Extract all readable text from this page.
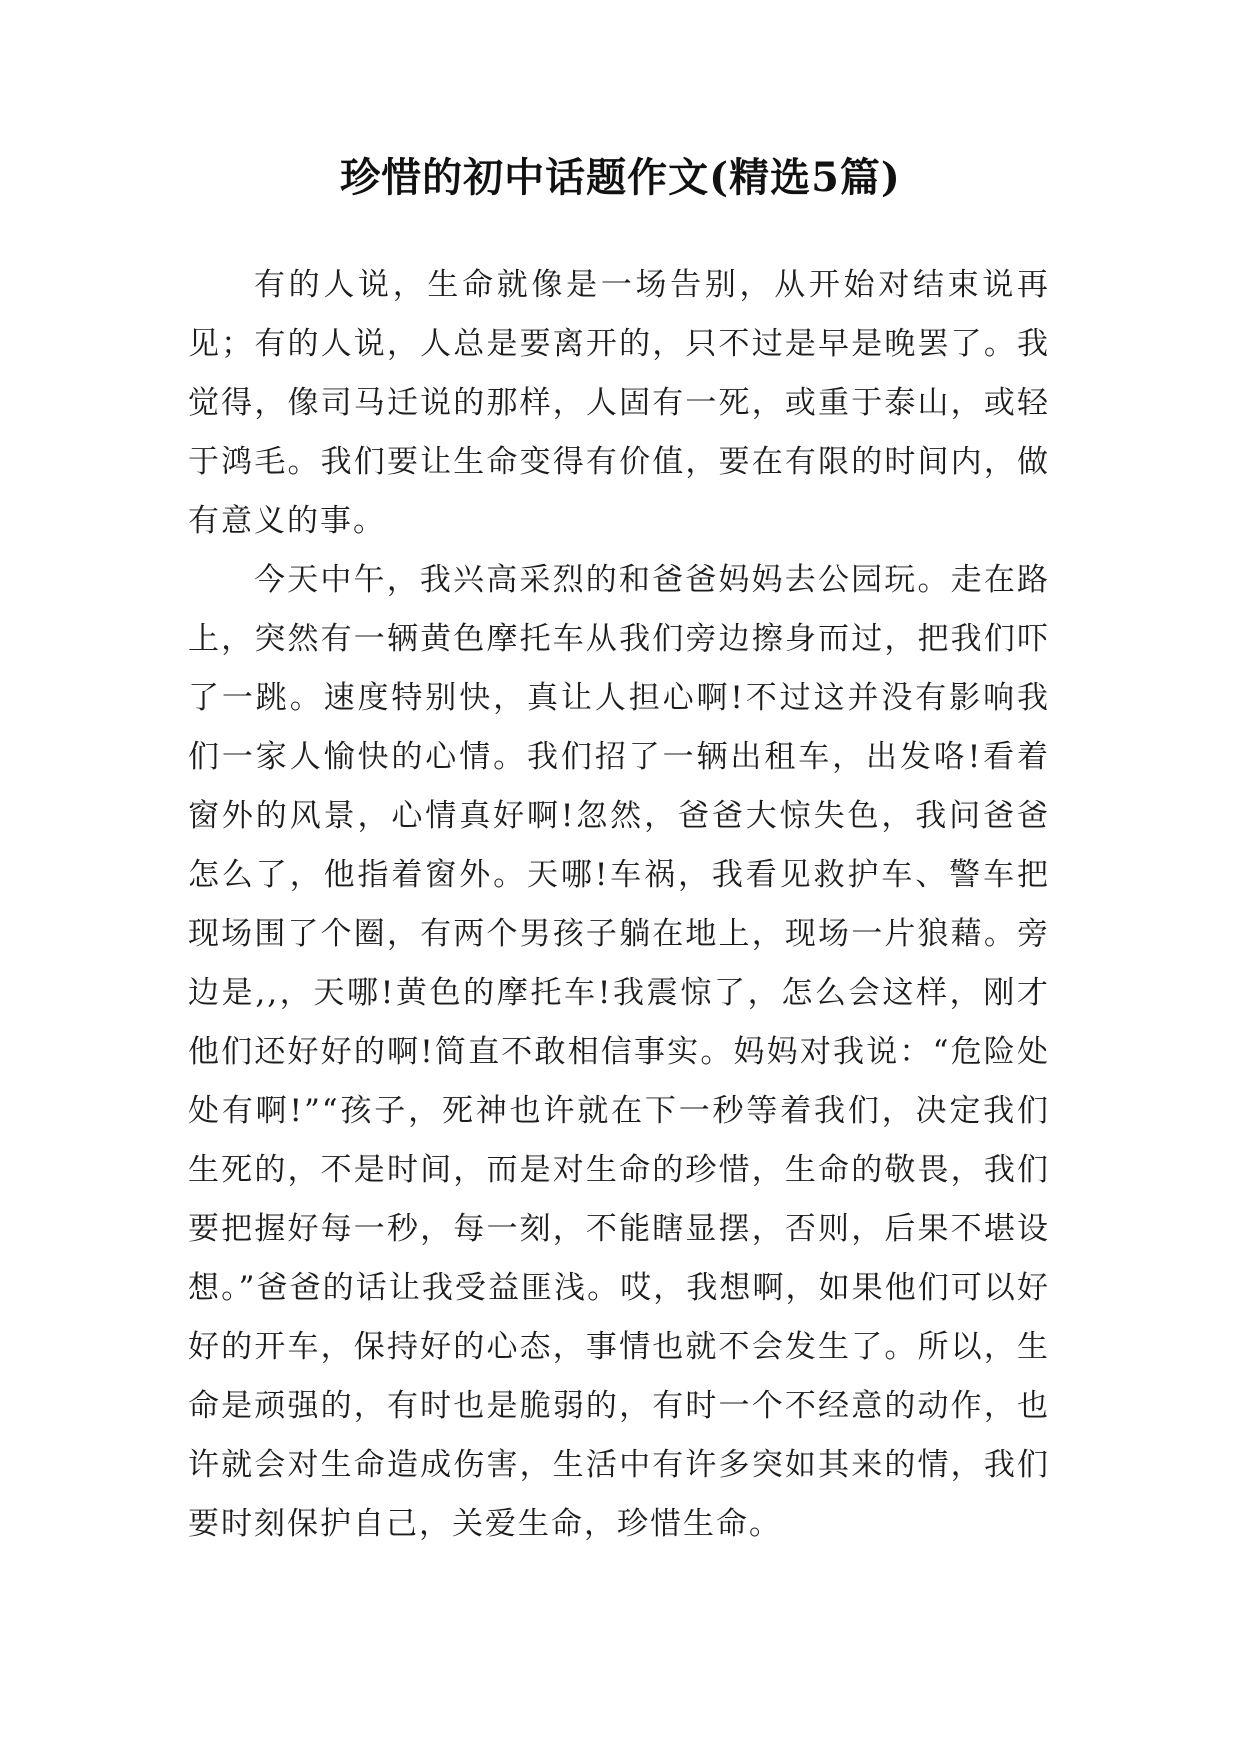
珍惜的初中话题作文(精选5篇)

有的人说，生命就像是一场告别，从开始对结束说再见；有的人说，人总是要离开的，只不过是早是晚罢了。我觉得，像司马迁说的那样，人固有一死，或重于泰山，或轻于鸿毛。我们要让生命变得有价值，要在有限的时间内，做有意义的事。

今天中午，我兴高采烈的和爸爸妈妈去公园玩。走在路上，突然有一辆黄色摩托车从我们旁边擦身而过，把我们吓了一跳。速度特别快，真让人担心啊!不过这并没有影响我们一家人愉快的心情。我们招了一辆出租车，出发咯!看着窗外的风景，心情真好啊!忽然，爸爸大惊失色，我问爸爸怎么了，他指着窗外。天哪!车祸，我看见救护车、警车把现场围了个圈，有两个男孩子躺在地上，现场一片狼藉。旁边是,,，天哪!黄色的摩托车!我震惊了，怎么会这样，刚才他们还好好的啊!简直不敢相信事实。妈妈对我说：“危险处处有啊!”“孩子，死神也许就在下一秒等着我们，决定我们生死的，不是时间，而是对生命的珍惜，生命的敬畏，我们要把握好每一秒，每一刻，不能瞎显摆，否则，后果不堪设想。”爸爸的话让我受益匪浅。哎，我想啊，如果他们可以好好的开车，保持好的心态，事情也就不会发生了。所以，生命是顽强的，有时也是脆弱的，有时一个不经意的动作，也许就会对生命造成伤害，生活中有许多突如其来的情，我们要时刻保护自己，关爱生命，珍惜生命。
